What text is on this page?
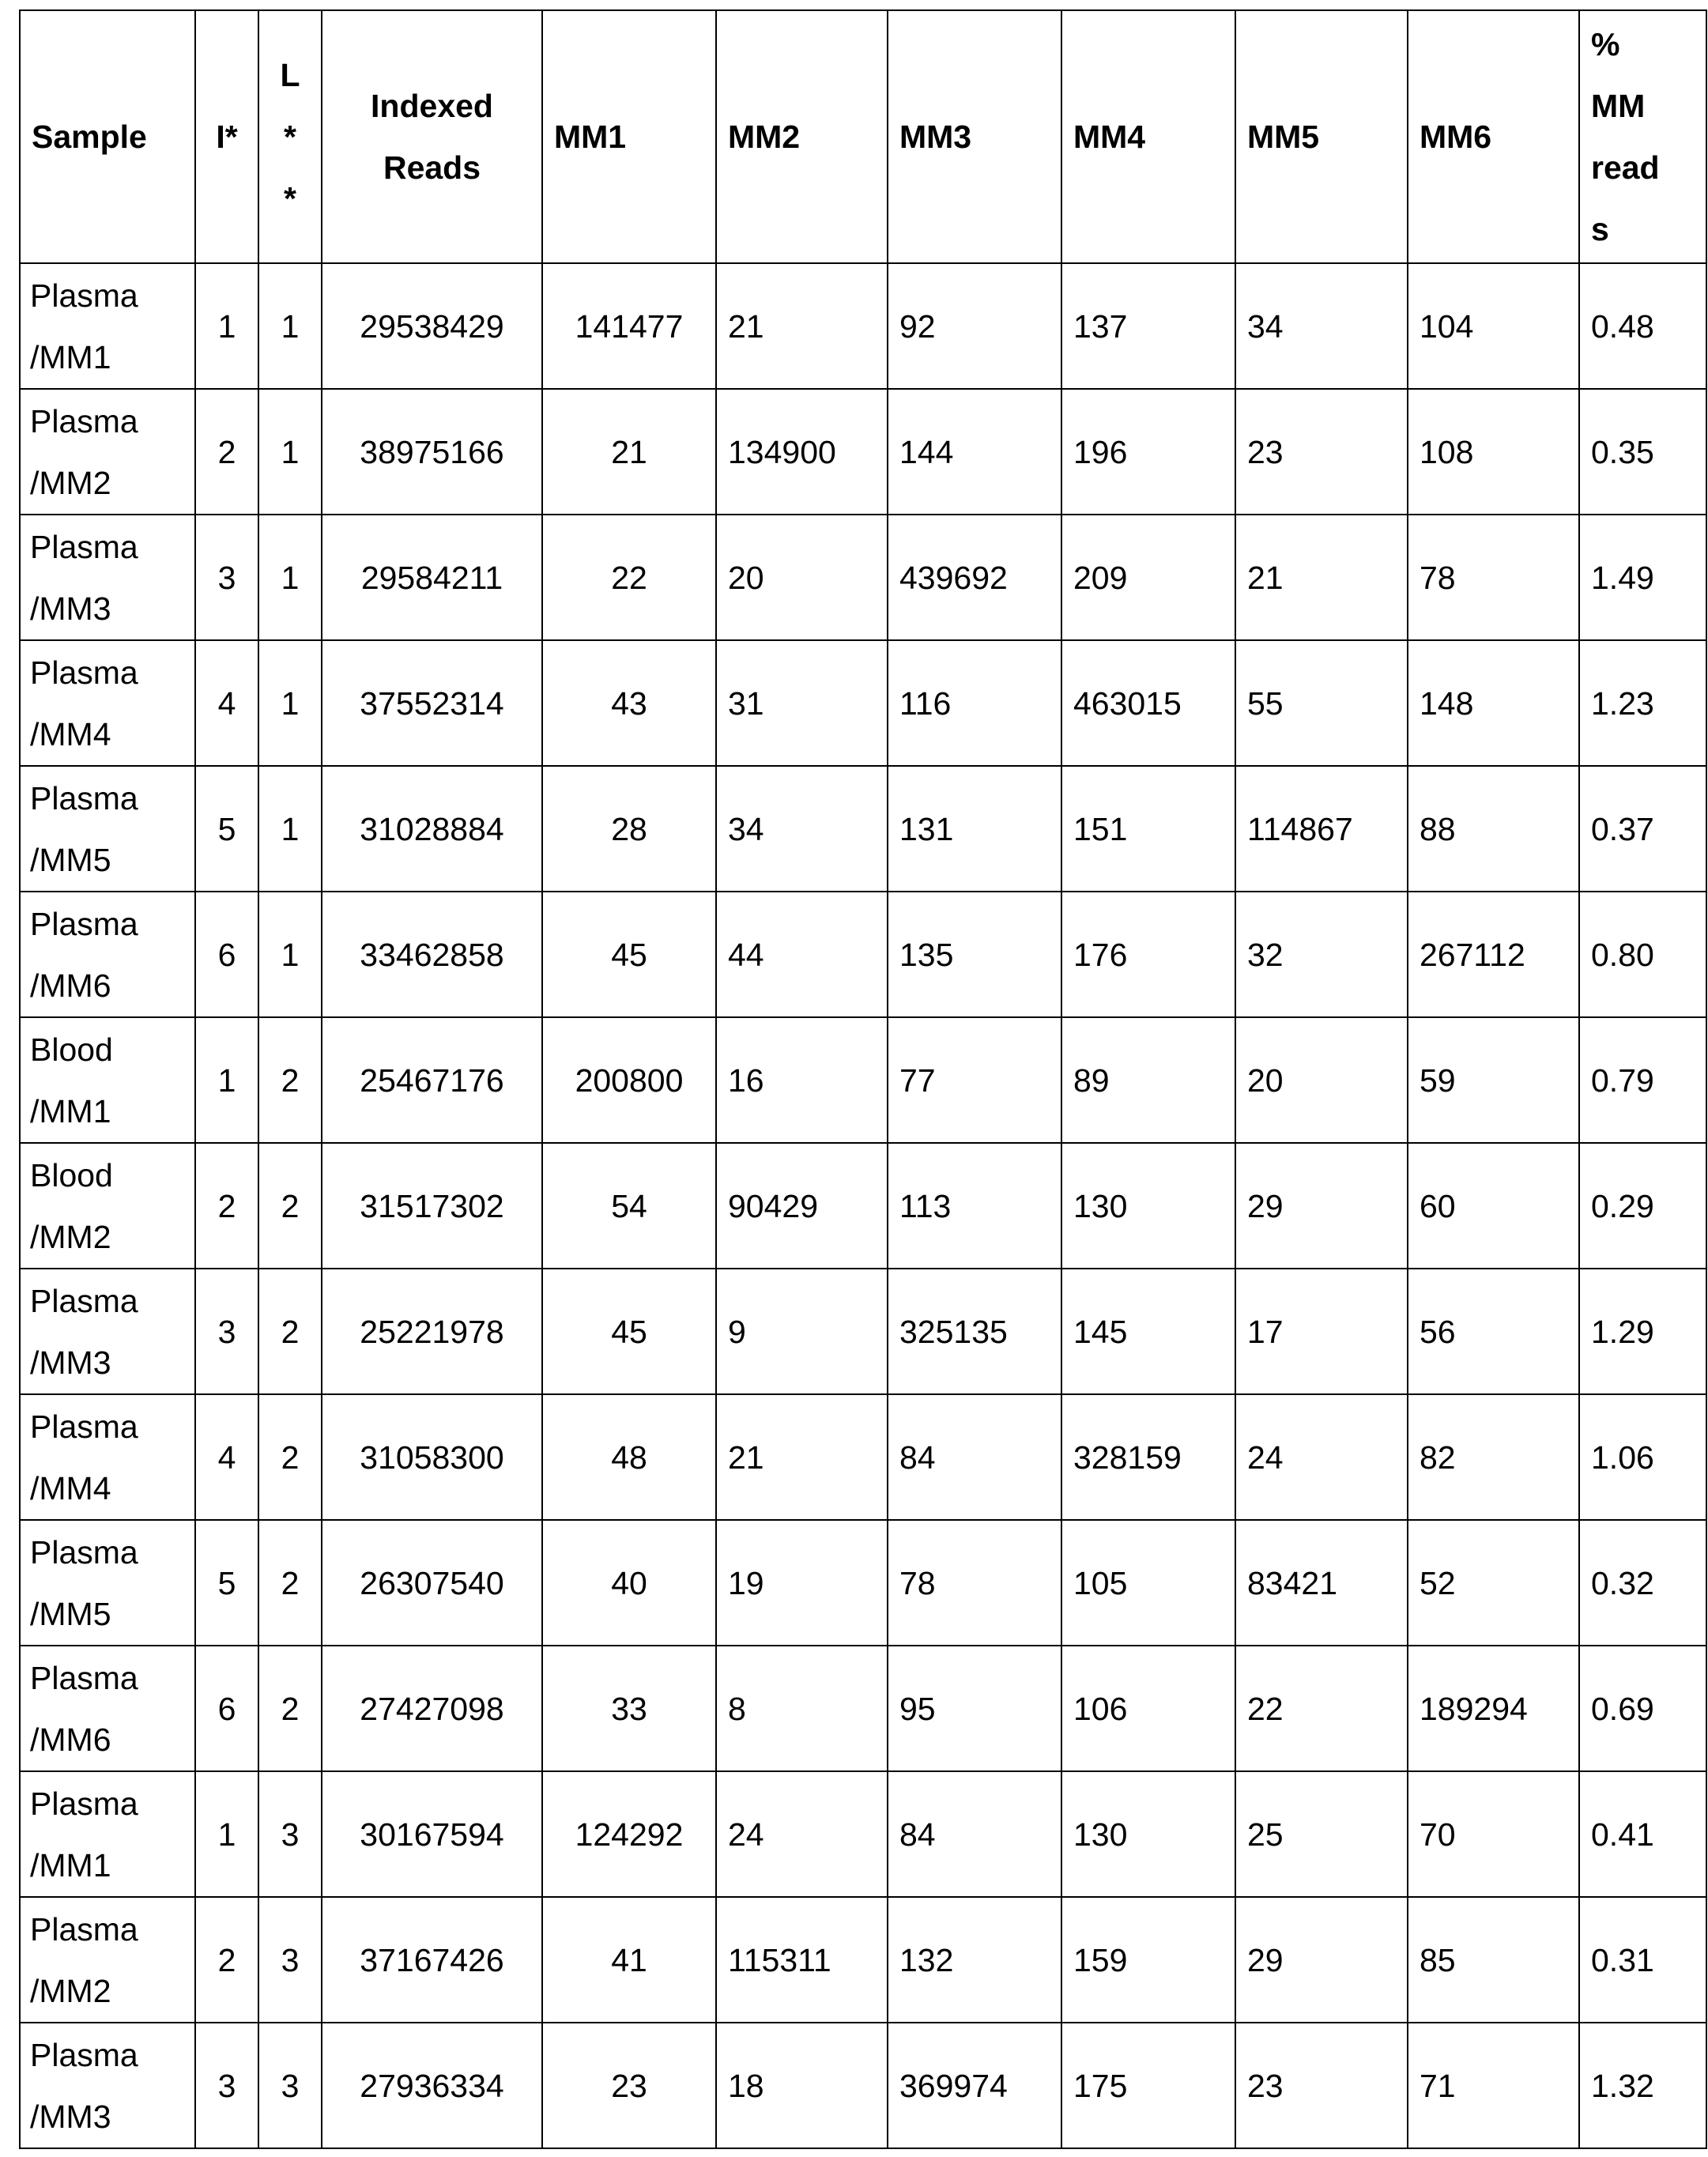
Sample	I*	L
*
*	Indexed
Reads	MM1	MM2	MM3	MM4	MM5	MM6	%
MM
read
s
Plasma
/MM1	1	1	29538429	141477	21	92	137	34	104	0.48
Plasma
/MM2	2	1	38975166	21	134900	144	196	23	108	0.35
Plasma
/MM3	3	1	29584211	22	20	439692	209	21	78	1.49
Plasma
/MM4	4	1	37552314	43	31	116	463015	55	148	1.23
Plasma
/MM5	5	1	31028884	28	34	131	151	114867	88	0.37
Plasma
/MM6	6	1	33462858	45	44	135	176	32	267112	0.80
Blood
/MM1	1	2	25467176	200800	16	77	89	20	59	0.79
Blood
/MM2	2	2	31517302	54	90429	113	130	29	60	0.29
Plasma
/MM3	3	2	25221978	45	9	325135	145	17	56	1.29
Plasma
/MM4	4	2	31058300	48	21	84	328159	24	82	1.06
Plasma
/MM5	5	2	26307540	40	19	78	105	83421	52	0.32
Plasma
/MM6	6	2	27427098	33	8	95	106	22	189294	0.69
Plasma
/MM1	1	3	30167594	124292	24	84	130	25	70	0.41
Plasma
/MM2	2	3	37167426	41	115311	132	159	29	85	0.31
Plasma
/MM3	3	3	27936334	23	18	369974	175	23	71	1.32
